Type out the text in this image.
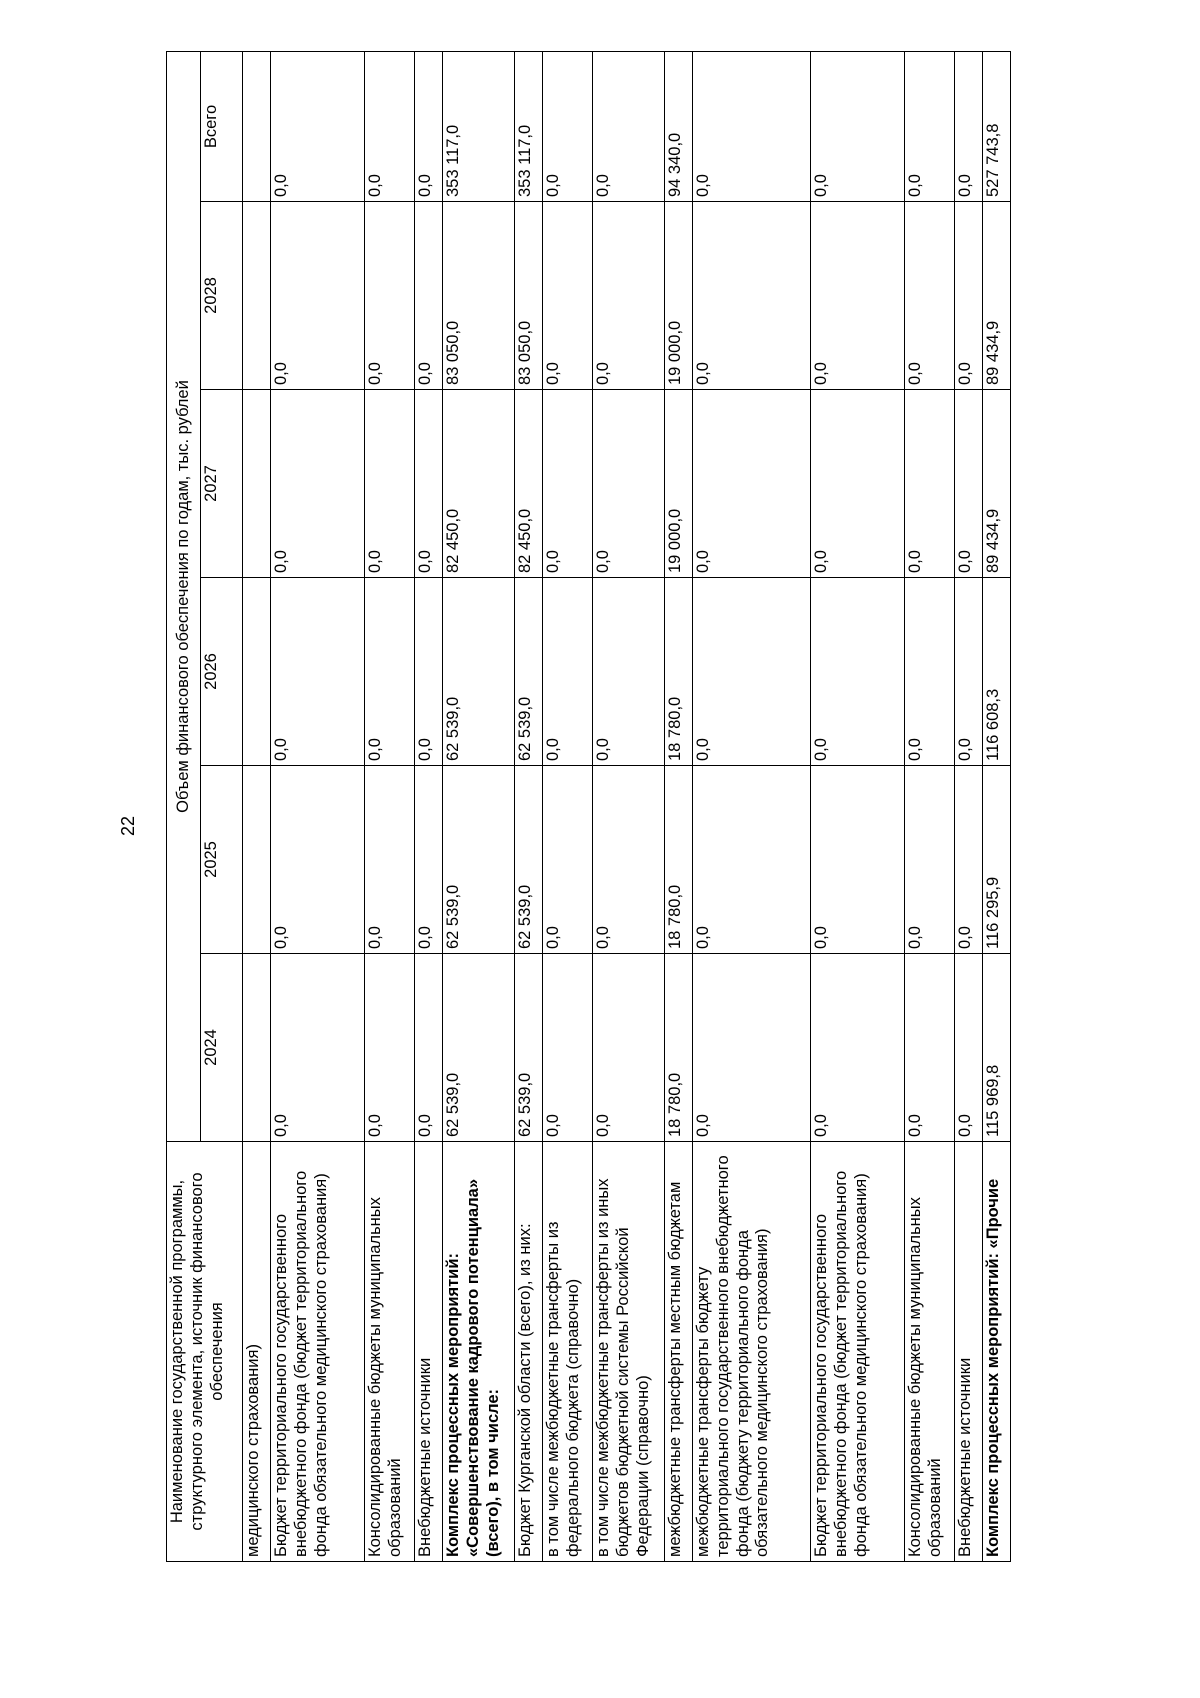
22
Наименование государственной программы, структурного элемента, источник финансового обеспечения	Объем финансового обеспечения по годам, тыс. рублей					
	2024	2025	2026	2027	2028	Всего
медицинского страхования)						
Бюджет территориального государственного внебюджетного фонда (бюджет территориального фонда обязательного медицинского страхования)	0,0	0,0	0,0	0,0	0,0	0,0
Консолидированные бюджеты муниципальных образований	0,0	0,0	0,0	0,0	0,0	0,0
Внебюджетные источники	0,0	0,0	0,0	0,0	0,0	0,0
Комплекс процессных мероприятий: «Совершенствование кадрового потенциала» (всего), в том числе:	62 539,0	62 539,0	62 539,0	82 450,0	83 050,0	353 117,0
Бюджет Курганской области (всего), из них:	62 539,0	62 539,0	62 539,0	82 450,0	83 050,0	353 117,0
в том числе межбюджетные трансферты из федерального бюджета (справочно)	0,0	0,0	0,0	0,0	0,0	0,0
в том числе межбюджетные трансферты из иных бюджетов бюджетной системы Российской Федерации (справочно)	0,0	0,0	0,0	0,0	0,0	0,0
межбюджетные трансферты местным бюджетам	18 780,0	18 780,0	18 780,0	19 000,0	19 000,0	94 340,0
межбюджетные трансферты бюджету территориального государственного внебюджетного фонда (бюджету территориального фонда обязательного медицинского страхования)	0,0	0,0	0,0	0,0	0,0	0,0
Бюджет территориального государственного внебюджетного фонда (бюджет территориального фонда обязательного медицинского страхования)	0,0	0,0	0,0	0,0	0,0	0,0
Консолидированные бюджеты муниципальных образований	0,0	0,0	0,0	0,0	0,0	0,0
Внебюджетные источники	0,0	0,0	0,0	0,0	0,0	0,0
Комплекс процессных мероприятий: «Прочие	115 969,8	116 295,9	116 608,3	89 434,9	89 434,9	527 743,8
